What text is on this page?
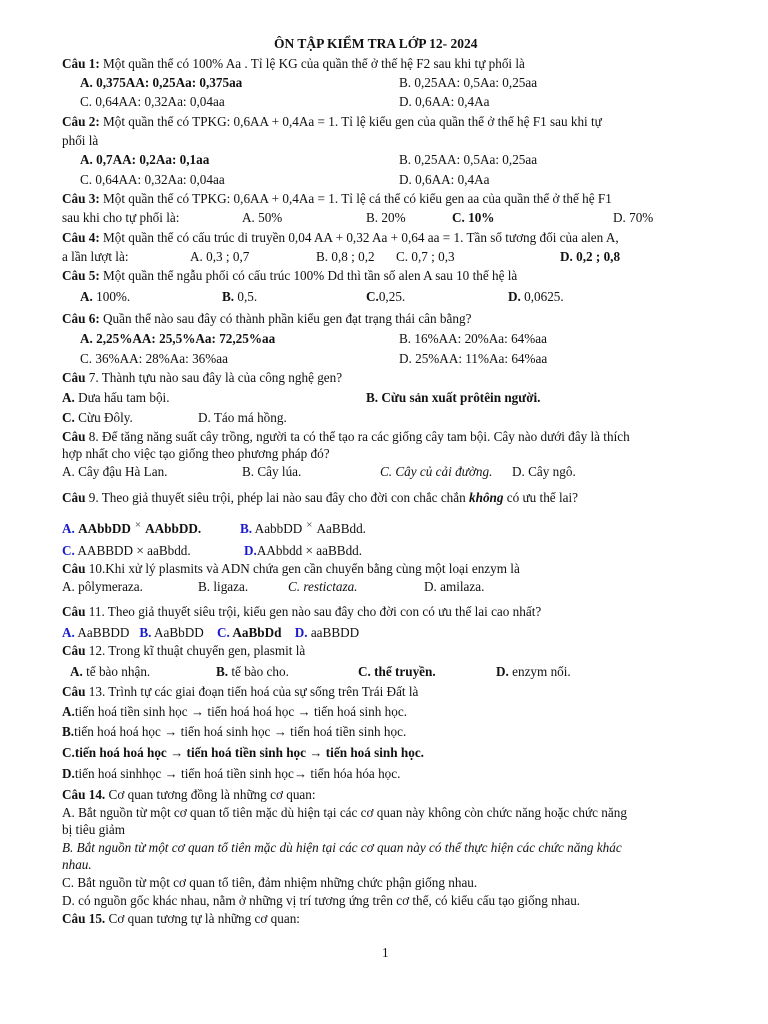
ÔN TẬP KIỂM TRA LỚP 12- 2024
Câu 1: Một quần thể có 100% Aa . Tỉ lệ KG của quần thể ở thế hệ F2 sau khi tự phối là
A. 0,375AA: 0,25Aa: 0,375aa	B. 0,25AA: 0,5Aa: 0,25aa
C. 0,64AA: 0,32Aa: 0,04aa	D. 0,6AA: 0,4Aa
Câu 2: Một quần thể có TPKG: 0,6AA + 0,4Aa = 1. Tỉ lệ kiểu gen của quần thể ở thế hệ F1 sau khi tự
phối là
A. 0,7AA: 0,2Aa: 0,1aa	B. 0,25AA: 0,5Aa: 0,25aa
C. 0,64AA: 0,32Aa: 0,04aa	D. 0,6AA: 0,4Aa
Câu 3: Một quần thể có TPKG: 0,6AA + 0,4Aa = 1. Tỉ lệ cá thể có kiểu gen aa của quần thể ở thế hệ F1
sau khi cho tự phối là:	A. 50%	B. 20%	C. 10%	D. 70%
Câu 4: Một quần thể có cấu trúc di truyền 0,04 AA + 0,32 Aa + 0,64 aa = 1. Tần số tương đối của alen A,
a lần lượt là:	A. 0,3 ; 0,7	B. 0,8 ; 0,2 C. 0,7 ; 0,3	D. 0,2 ; 0,8
Câu 5: Một quần thể ngẫu phối có cấu trúc 100% Dd thì tần số alen A sau 10 thế hệ là
A. 100%.	B. 0,5.	C.0,25.	D. 0,0625.
Câu 6: Quần thể nào sau đây có thành phần kiểu gen đạt trạng thái cân bằng?
A. 2,25%AA: 25,5%Aa: 72,25%aa	B. 16%AA: 20%Aa: 64%aa
C. 36%AA: 28%Aa: 36%aa	D. 25%AA: 11%Aa: 64%aa
Câu 7. Thành tựu nào sau đây là của công nghệ gen?
A. Dưa hấu tam bội.	B. Cừu sản xuất prôtêin người.
C. Cừu Đôly.	D. Táo má hồng.
Câu 8. Để tăng năng suất cây trồng, người ta có thể tạo ra các giống cây tam bội. Cây nào dưới đây là thích
hợp nhất cho việc tạo giống theo phương pháp đó?
A. Cây đậu Hà Lan.	B. Cây lúa.	C. Cây củ cải đường. D. Cây ngô.
Câu 9. Theo giả thuyết siêu trội, phép lai nào sau đây cho đời con chắc chắn không có ưu thế lai?
A. AAbbDD × AAbbDD.	B. AabbDD × AaBBdd.
C. AABBDD × aaBbdd.	D.AAbbdd × aaBBdd.
Câu 10.Khi xử lý plasmits và ADN chứa gen cần chuyển bằng cùng một loại enzym là
A. pôlymeraza.	B. ligaza.	C. restictaza.	D. amilaza.
Câu 11. Theo giả thuyết siêu trội, kiểu gen nào sau đây cho đời con có ưu thế lai cao nhất?
A. AaBBDD B. AaBbDD C. AaBbDd D. aaBBDD
Câu 12. Trong kĩ thuật chuyển gen, plasmit là
A. tế bào nhận.	B. tế bào cho.	C. thể truyền.	D. enzym nối.
Câu 13. Trình tự các giai đoạn tiến hoá của sự sống trên Trái Đất là
A.tiến hoá tiền sinh học → tiến hoá hoá học → tiến hoá sinh học.
B.tiến hoá hoá học → tiến hoá sinh học → tiến hoá tiền sinh học.
C.tiến hoá hoá học → tiến hoá tiền sinh học → tiến hoá sinh học.
D.tiến hoá sinhhọc → tiến hoá tiền sinh học→ tiến hóa hóa học.
Câu 14. Cơ quan tương đồng là những cơ quan:
A. Bắt nguồn từ một cơ quan tổ tiên mặc dù hiện tại các cơ quan này không còn chức năng hoặc chức năng
bị tiêu giảm
B. Bắt nguồn từ một cơ quan tổ tiên mặc dù hiện tại các cơ quan này có thể thực hiện các chức năng khác
nhau.
C. Bắt nguồn từ một cơ quan tổ tiên, đảm nhiệm những chức phận giống nhau.
D. có nguồn gốc khác nhau, nằm ở những vị trí tương ứng trên cơ thể, có kiểu cấu tạo giống nhau.
Câu 15. Cơ quan tương tự là những cơ quan:
1
